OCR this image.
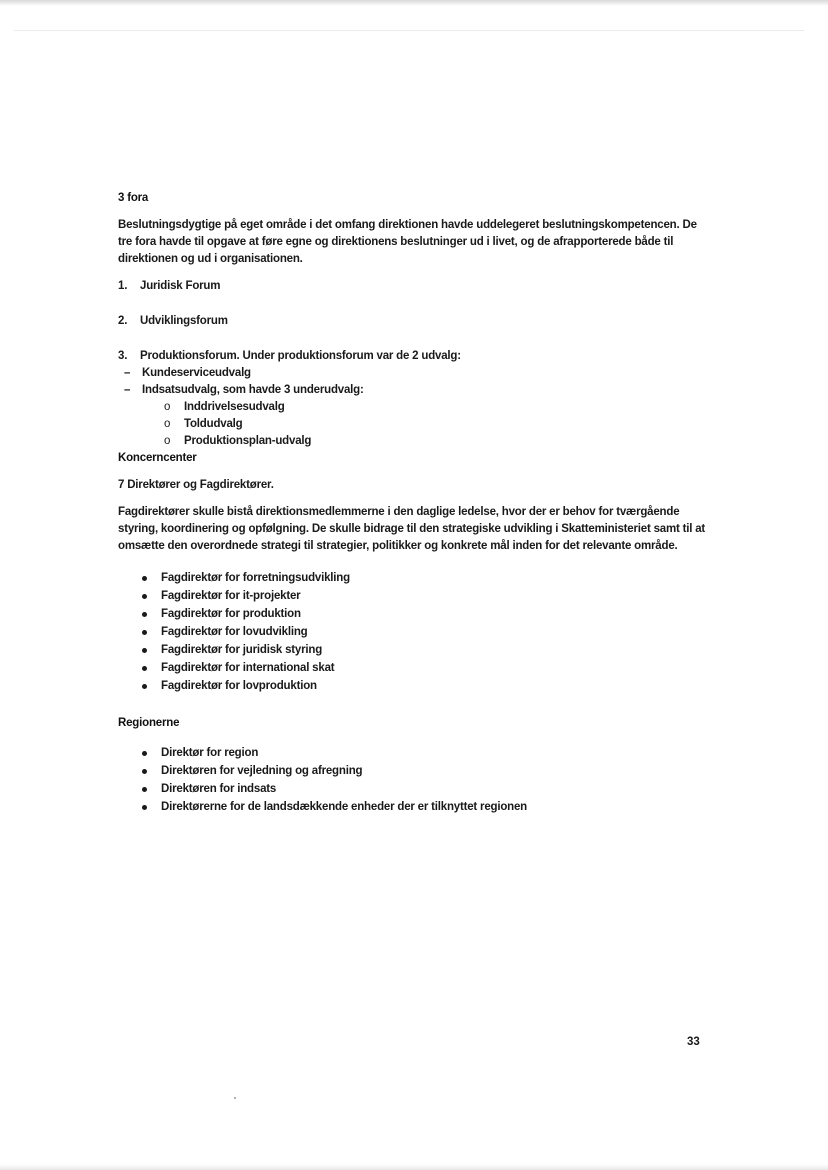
3 fora

Beslutningsdygtige på eget område i det omfang direktionen havde uddelegeret beslutningskompetencen. De tre fora havde til opgave at føre egne og direktionens beslutninger ud i livet, og de afrapporterede både til direktionen og ud i organisationen.

1.	Juridisk Forum
2.	Udviklingsforum
3.	Produktionsforum. Under produktionsforum var de 2 udvalg:
– Kundeserviceudvalg
– Indsatsudvalg, som havde 3 underudvalg:
o Inddrivelsesudvalg
o Toldudvalg
o Produktionsplan-udvalg
Koncerncenter

7 Direktører og Fagdirektører.

Fagdirektører skulle bistå direktionsmedlemmerne i den daglige ledelse, hvor der er behov for tværgående styring, koordinering og opfølgning. De skulle bidrage til den strategiske udvikling i Skatteministeriet samt til at omsætte den overordnede strategi til strategier, politikker og konkrete mål inden for det relevante område.

Fagdirektør for forretningsudvikling
Fagdirektør for it-projekter
Fagdirektør for produktion
Fagdirektør for lovudvikling
Fagdirektør for juridisk styring
Fagdirektør for international skat
Fagdirektør for lovproduktion
Regionerne
Direktør for region
Direktøren for vejledning og afregning
Direktøren for indsats
Direktørerne for de landsdækkende enheder der er tilknyttet regionen
33
